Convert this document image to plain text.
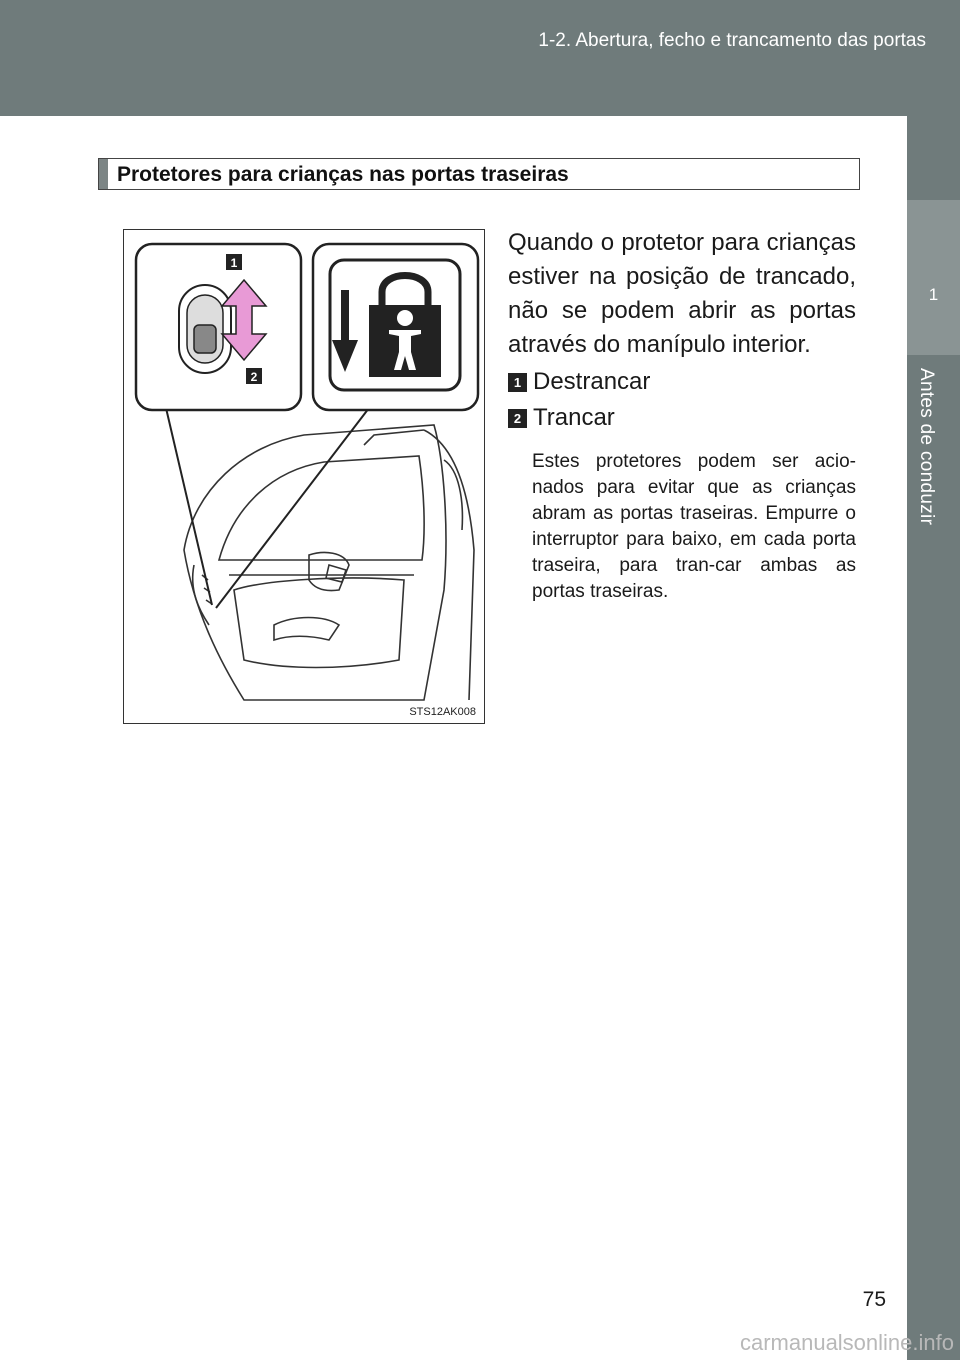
1-2. Abertura, fecho e trancamento das portas
1
Antes de conduzir
Protetores para crianças nas portas traseiras
1
2
STS12AK008
Quando o protetor para crianças estiver na posição de trancado, não se podem abrir as portas através do manípulo interior.
1 Destrancar
2 Trancar
Estes protetores podem ser acio-nados para evitar que as crianças abram as portas traseiras. Empurre o interruptor para baixo, em cada porta traseira, para tran-car ambas as portas traseiras.
75
carmanualsonline.info
